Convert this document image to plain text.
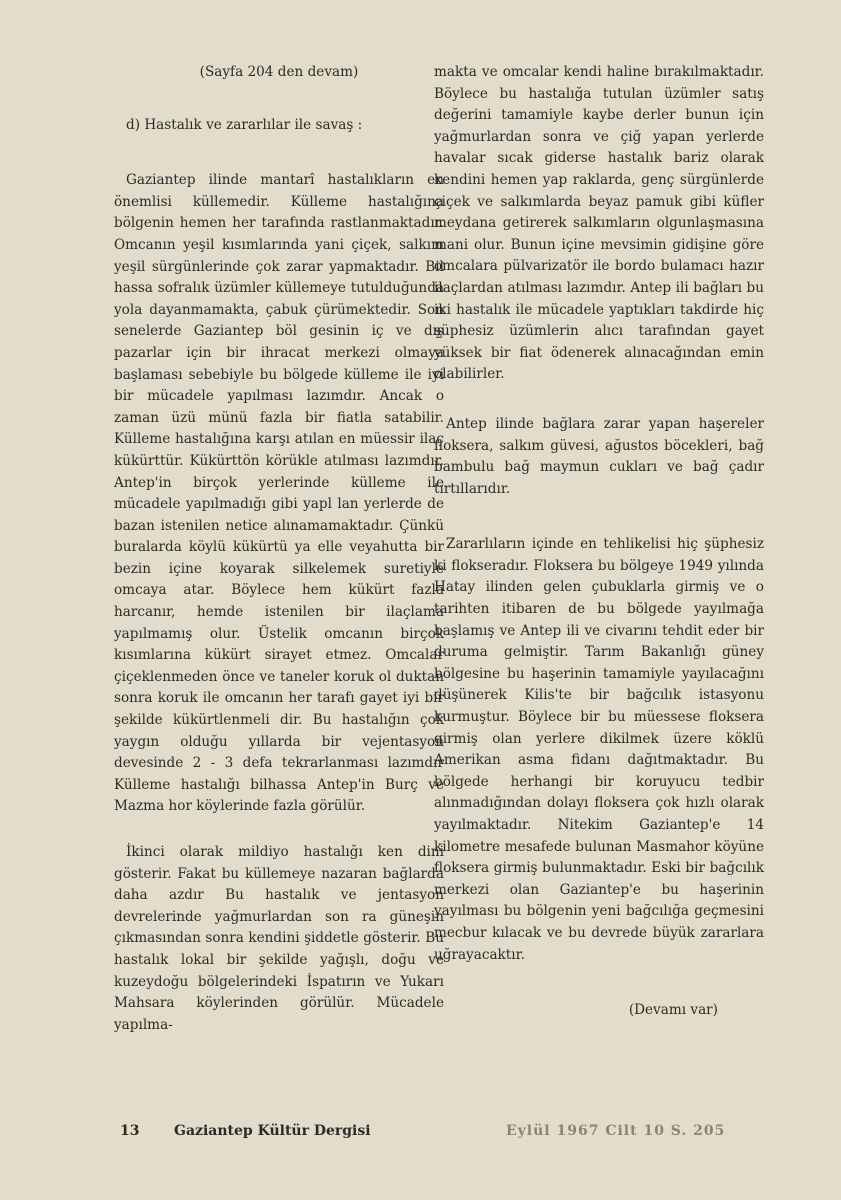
(Sayfa 204 den devam)

d) Hastalık ve zararlılar ile savaş :

Gaziantep ilinde mantarî hastalıkların en önemlisi küllemedir. Külleme hastalığına bölgenin hemen her tarafında rastlanmaktadır. Omcanın yeşil kısımlarında yani çiçek, salkım yeşil sürgünlerinde çok zarar yapmaktadır. Bil hassa sofralık üzümler küllemeye tutulduğunda yola dayanmamakta, çabuk çürümektedir. Son senelerde Gaziantep böl gesinin iç ve dış pazarlar için bir ihracat merkezi olmaya başlaması sebebiyle bu bölgede külleme ile iyi bir mücadele yapılması lazımdır. Ancak o zaman üzü münü fazla bir fiatla satabilir. Külleme hastalığına karşı atılan en müessir ilaç kükürttür. Kükürttön körükle atılması lazımdır. Antep'in birçok yerlerinde külleme ile mücadele yapılmadığı gibi yapl lan yerlerde de bazan istenilen netice alınamamaktadır. Çünkü buralarda köylü kükürtü ya elle veyahutta bir bezin içine koyarak silkelemek suretiyle omcaya atar. Böylece hem kükürt fazla harcanır, hemde istenilen bir ilaçlama yapılmamış olur. Üstelik omcanın birçok kısımlarına kükürt sirayet etmez. Omcalar çiçeklenmeden önce ve taneler koruk ol duktan sonra koruk ile omcanın her tarafı gayet iyi bir şekilde kükürtlenmeli dir. Bu hastalığın çok yaygın olduğu yıllarda bir vejentasyon devesinde 2 - 3 defa tekrarlanması lazımdır Külleme hastalığı bilhassa Antep'in Burç ve Mazma hor köylerinde fazla görülür.

İkinci olarak mildiyo hastalığı ken dini gösterir. Fakat bu küllemeye nazaran bağlarda daha azdır Bu hastalık ve jentasyon devrelerinde yağmurlardan son ra güneşin çıkmasından sonra kendini şiddetle gösterir. Bu hastalık lokal bir şekilde yağışlı, doğu ve kuzeydoğu bölgelerindeki İspatırın ve Yukarı Mahsara köylerinden görülür. Mücadele yapılma-

makta ve omcalar kendi haline bırakılmaktadır. Böylece bu hastalığa tutulan üzümler satış değerini tamamiyle kaybe derler bunun için yağmurlardan sonra ve çiğ yapan yerlerde havalar sıcak giderse hastalık bariz olarak kendini hemen yap raklarda, genç sürgünlerde çiçek ve salkımlarda beyaz pamuk gibi küfler meydana getirerek salkımların olgunlaşmasına mani olur. Bunun içine mevsimin gidişine göre omcalara pülvarizatör ile bordo bulamacı hazır ilaçlardan atılması lazımdır. Antep ili bağları bu iki hastalık ile mücadele yaptıkları takdirde hiç şüphesiz üzümlerin alıcı tarafından gayet yüksek bir fiat ödenerek alınacağından emin olabilirler.

Antep ilinde bağlara zarar yapan haşereler floksera, salkım güvesi, ağustos böcekleri, bağ bambulu bağ maymun cukları ve bağ çadır tırtıllarıdır.

Zararlıların içinde en tehlikelisi hiç şüphesiz ki flokseradır. Floksera bu bölgeye 1949 yılında Hatay ilinden gelen çubuklarla girmiş ve o tarihten itibaren de bu bölgede yayılmağa başlamış ve Antep ili ve civarını tehdit eder bir duruma gelmiştir. Tarım Bakanlığı güney bölgesine bu haşerinin tamamiyle yayılacağını düşünerek Kilis'te bir bağcılık istasyonu kurmuştur. Böylece bir bu müessese floksera girmiş olan yerlere dikilmek üzere köklü Amerikan asma fidanı dağıtmaktadır. Bu bölgede herhangi bir koruyucu tedbir alınmadığından dolayı floksera çok hızlı olarak yayılmaktadır. Nitekim Gaziantep'e 14 kilometre mesafede bulunan Masmahor köyüne floksera girmiş bulunmaktadır. Eski bir bağcılık merkezi olan Gaziantep'e bu haşerinin yayılması bu bölgenin yeni bağcılığa geçmesini mecbur kılacak ve bu devrede büyük zararlara uğrayacaktır.

(Devamı var)

13 Gaziantep Kültür Dergisi	Eylül 1967 Cilt 10 S. 205
